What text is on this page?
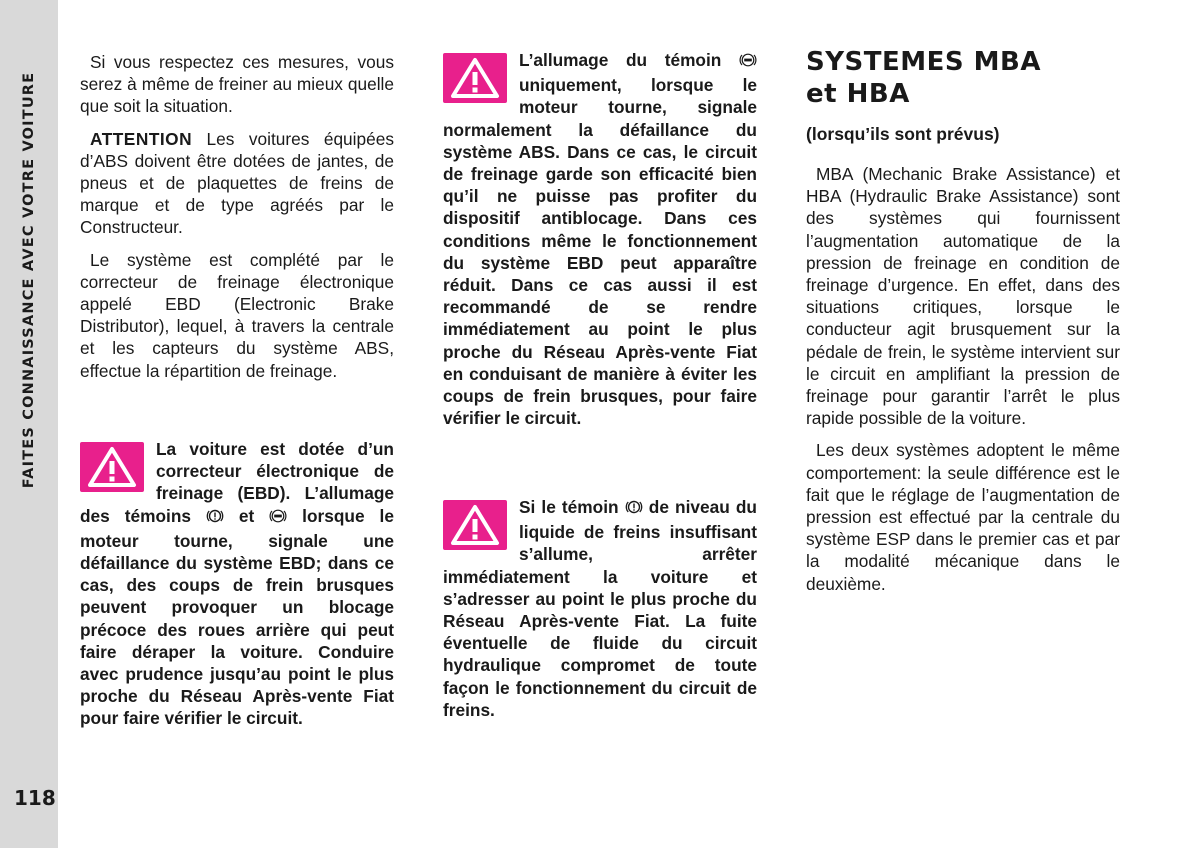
FAITES CONNAISSANCE AVEC VOTRE VOITURE
118

Si vous respectez ces mesures, vous serez à même de freiner au mieux quelle que soit la situation.

ATTENTION Les voitures équipées d’ABS doivent être dotées de jantes, de pneus et de plaquettes de freins de marque et de type agréés par le Constructeur.

Le système est complété par le correcteur de freinage électronique appelé EBD (Electronic Brake Distributor), lequel, à travers la centrale et les capteurs du système ABS, effectue la répartition de freinage.

La voiture est dotée d’un correcteur électronique de freinage (EBD). L’allumage des témoins	et	lorsque le moteur tourne, signale une défaillance du système EBD; dans ce cas, des coups de frein brusques peuvent provoquer un blocage précoce des roues arrière qui peut faire déraper la voiture. Conduire avec prudence jusqu’au point le plus proche du Réseau Après-vente Fiat pour faire vérifier le circuit.
L’allumage du témoin  uniquement, lorsque le moteur tourne, signale normalement la défaillance du système ABS. Dans ce cas, le circuit de freinage garde son efficacité bien qu’il ne puisse pas profiter du dispositif antiblocage. Dans ces conditions même le fonctionnement du système EBD peut apparaître réduit. Dans ce cas aussi il est recommandé de se rendre immédiatement au point le plus proche du Réseau Après-vente Fiat en conduisant de manière à éviter les coups de frein brusques, pour faire vérifier le circuit.
Si le témoin de niveau du liquide de freins insuffisant s’allume, arrêter immédiatement la voiture et s’adresser au point le plus proche du Réseau Après-vente Fiat. La fuite éventuelle de fluide du circuit hydraulique compromet de toute façon le fonctionnement du circuit de freins.
SYSTEMES MBA
et HBA
(lorsqu’ils sont prévus)

MBA (Mechanic Brake Assistance) et HBA (Hydraulic Brake Assistance) sont des systèmes qui fournissent l’augmentation automatique de la pression de freinage en condition de freinage d’urgence. En effet, dans des situations critiques, lorsque le conducteur agit brusquement sur la pédale de frein, le système intervient sur le circuit en amplifiant la pression de freinage pour garantir l’arrêt le plus rapide possible de la voiture.

Les deux systèmes adoptent le même comportement: la seule différence est le fait que le réglage de l’augmentation de pression est effectué par la centrale du système ESP dans le premier cas et par la modalité mécanique dans le deuxième.
